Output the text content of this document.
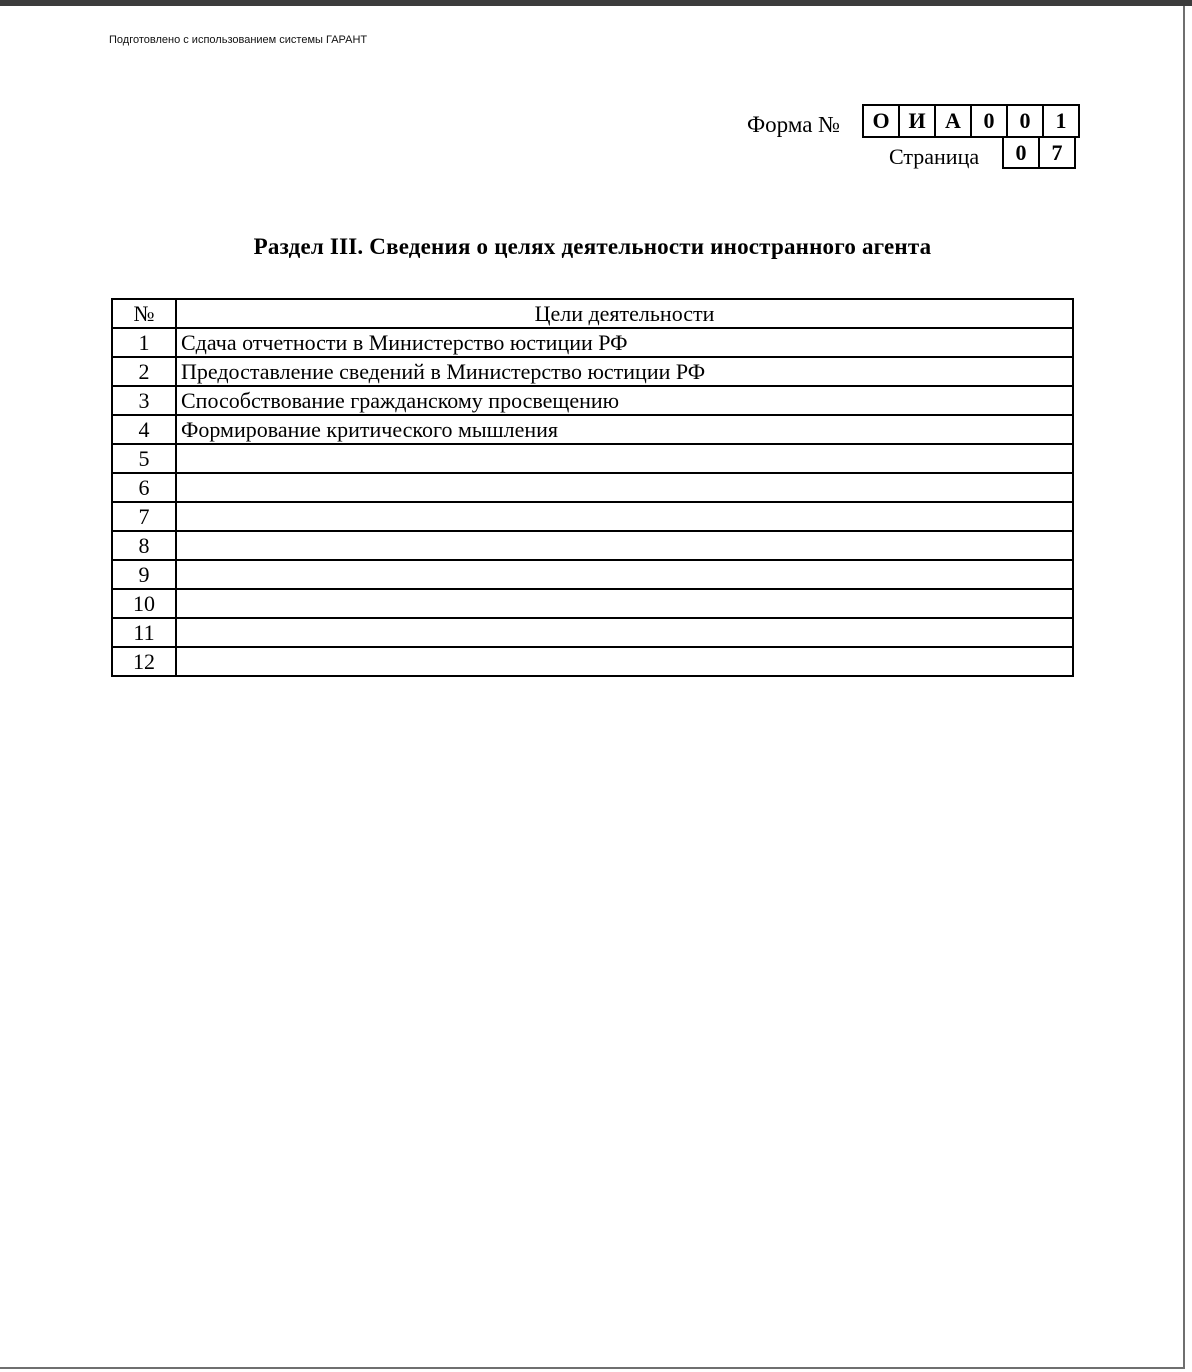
Подготовлено с использованием системы ГАРАНТ
Форма №	О И А	0	0	1
Страница	0	7
Раздел III. Сведения о целях деятельности иностранного агента
№	Цели деятельности
1	Сдача отчетности в Министерство юстиции РФ
2	Предоставление сведений в Министерство юстиции РФ
3	Способствование гражданскому просвещению
4	Формирование критического мышления
5	
6	
7	
8	
9	
10	
11	
12	
